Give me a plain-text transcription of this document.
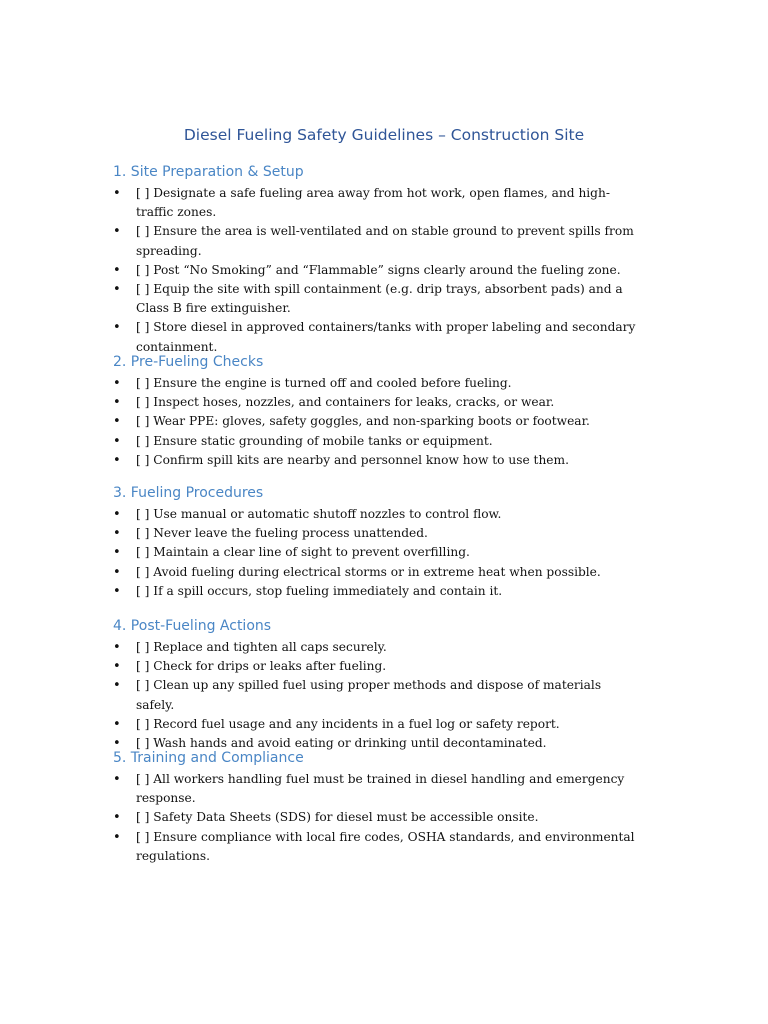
Diesel Fueling Safety Guidelines – Construction Site
1. Site Preparation & Setup
• [ ] Designate a safe fueling area away from hot work, open flames, and high-traffic zones.
• [ ] Ensure the area is well-ventilated and on stable ground to prevent spills from spreading.
• [ ] Post “No Smoking” and “Flammable” signs clearly around the fueling zone.
• [ ] Equip the site with spill containment (e.g. drip trays, absorbent pads) and a Class B fire extinguisher.
• [ ] Store diesel in approved containers/tanks with proper labeling and secondary containment.
2. Pre-Fueling Checks
• [ ] Ensure the engine is turned off and cooled before fueling.
• [ ] Inspect hoses, nozzles, and containers for leaks, cracks, or wear.
• [ ] Wear PPE: gloves, safety goggles, and non-sparking boots or footwear.
• [ ] Ensure static grounding of mobile tanks or equipment.
• [ ] Confirm spill kits are nearby and personnel know how to use them.
3. Fueling Procedures
• [ ] Use manual or automatic shutoff nozzles to control flow.
• [ ] Never leave the fueling process unattended.
• [ ] Maintain a clear line of sight to prevent overfilling.
• [ ] Avoid fueling during electrical storms or in extreme heat when possible.
• [ ] If a spill occurs, stop fueling immediately and contain it.
4. Post-Fueling Actions
• [ ] Replace and tighten all caps securely.
• [ ] Check for drips or leaks after fueling.
• [ ] Clean up any spilled fuel using proper methods and dispose of materials safely.
• [ ] Record fuel usage and any incidents in a fuel log or safety report.
• [ ] Wash hands and avoid eating or drinking until decontaminated.
5. Training and Compliance
• [ ] All workers handling fuel must be trained in diesel handling and emergency response.
• [ ] Safety Data Sheets (SDS) for diesel must be accessible onsite.
• [ ] Ensure compliance with local fire codes, OSHA standards, and environmental regulations.
